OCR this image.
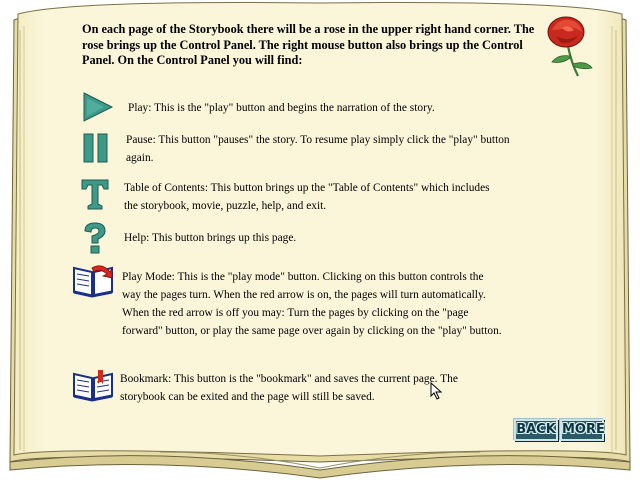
On each page of the Storybook there will be a rose in the upper right hand corner. The rose brings up the Control Panel. The right mouse button also brings up the Control Panel. On the Control Panel you will find:
Play: This is the "play" button and begins the narration of the story.
Pause: This button "pauses" the story. To resume play simply click the "play" button again.
Table of Contents: This button brings up the "Table of Contents" which includes the storybook, movie, puzzle, help, and exit.
Help: This button brings up this page.
Play Mode: This is the "play mode" button. Clicking on this button controls the way the pages turn. When the red arrow is on, the pages will turn automatically. When the red arrow is off you may: Turn the pages by clicking on the "page forward" button, or play the same page over again by clicking on the "play" button.
Bookmark: This button is the "bookmark" and saves the current page. The storybook can be exited and the page will still be saved.
BACK MORE
